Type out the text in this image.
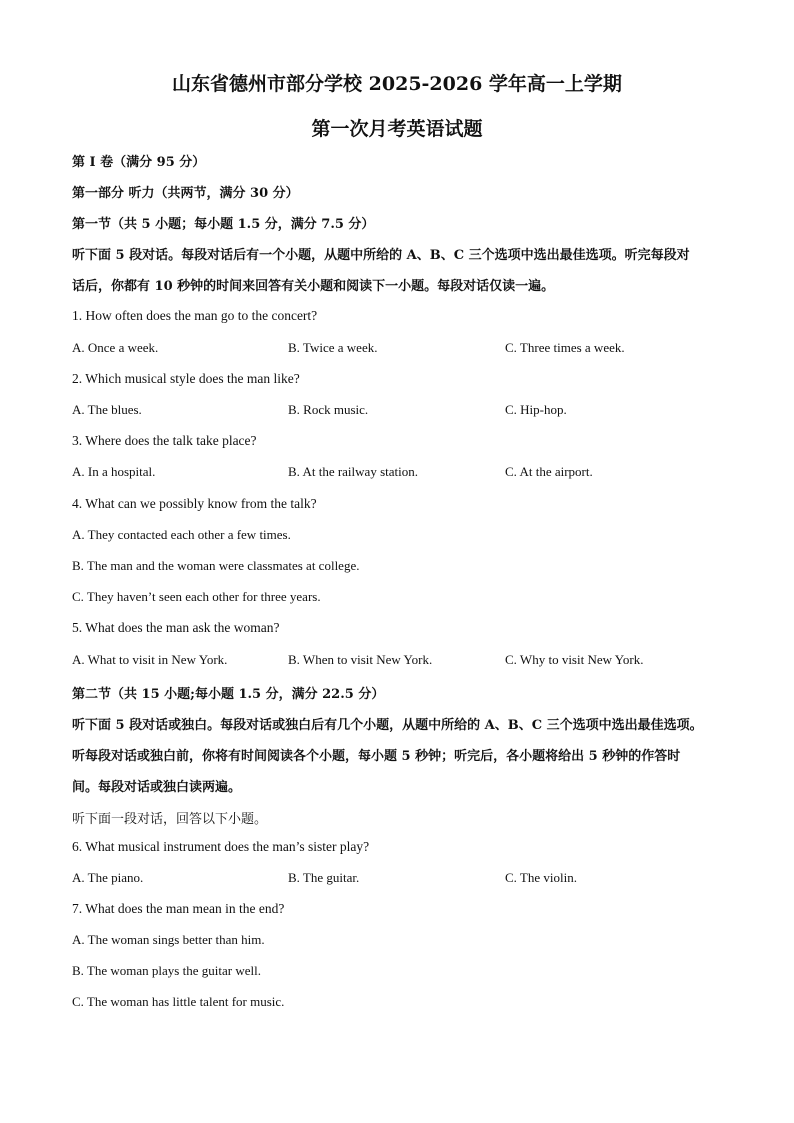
山东省德州市部分学校 2025-2026 学年高一上学期
第一次月考英语试题
第 I 卷（满分 95 分）
第一部分 听力（共两节，满分 30 分）
第一节（共 5 小题；每小题 1.5 分，满分 7.5 分）
听下面 5 段对话。每段对话后有一个小题，从题中所给的 A、B、C 三个选项中选出最佳选项。听完每段对
话后，你都有 10 秒钟的时间来回答有关小题和阅读下一小题。每段对话仅读一遍。
1. How often does the man go to the concert?
A. Once a week.	B. Twice a week.	C. Three times a week.
2. Which musical style does the man like?
A. The blues.	B. Rock music.	C. Hip-hop.
3. Where does the talk take place?
A. In a hospital.	B. At the railway station.	C. At the airport.
4. What can we possibly know from the talk?
A. They contacted each other a few times.
B. The man and the woman were classmates at college.
C. They haven’t seen each other for three years.
5. What does the man ask the woman?
A. What to visit in New York.	B. When to visit New York.	C. Why to visit New York.
第二节（共 15 小题;每小题 1.5 分，满分 22.5 分）
听下面 5 段对话或独白。每段对话或独白后有几个小题，从题中所给的 A、B、C 三个选项中选出最佳选项。
听每段对话或独白前，你将有时间阅读各个小题，每小题 5 秒钟；听完后，各小题将给出 5 秒钟的作答时
间。每段对话或独白读两遍。
听下面一段对话，回答以下小题。
6. What musical instrument does the man’s sister play?
A. The piano.	B. The guitar.	C. The violin.
7. What does the man mean in the end?
A. The woman sings better than him.
B. The woman plays the guitar well.
C. The woman has little talent for music.
